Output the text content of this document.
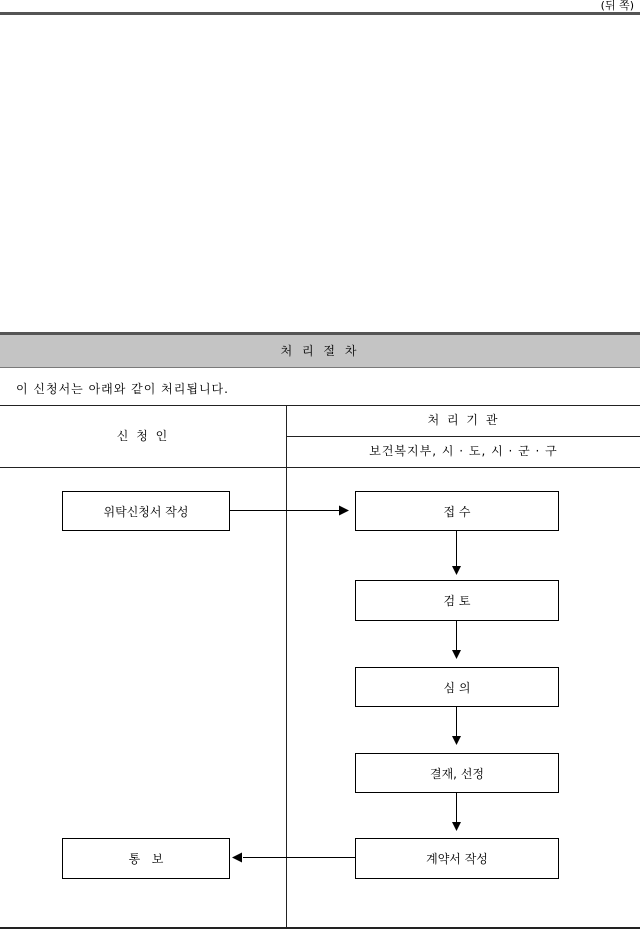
(뒤 쪽)
처 리 절 차
이 신청서는 아래와 같이 처리됩니다.
신 청 인
처 리 기 관
보건복지부, 시 · 도, 시 · 군 · 구
위탁신청서 작성
통   보
접 수
검 토
심 의
결재, 선정
계약서 작성
